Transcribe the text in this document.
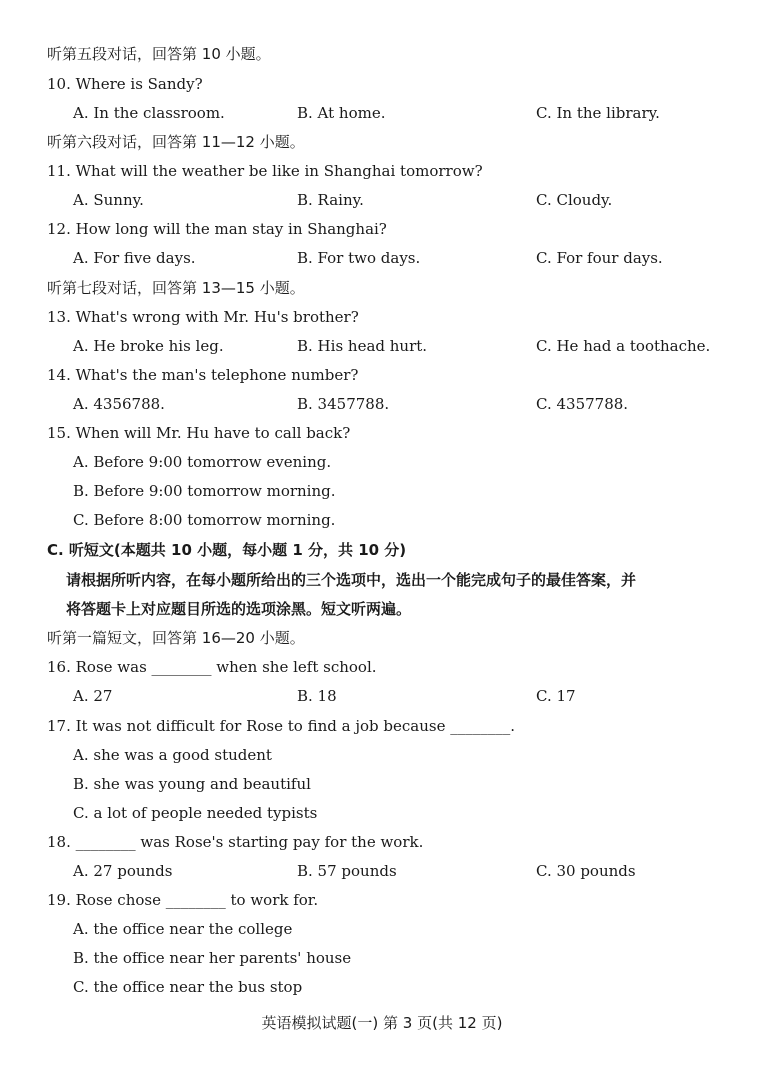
听第五段对话，回答第 10 小题。
10. Where is Sandy?
A. In the classroom.	B. At home.	C. In the library.
听第六段对话，回答第 11—12 小题。
11. What will the weather be like in Shanghai tomorrow?
A. Sunny.	B. Rainy.	C. Cloudy.
12. How long will the man stay in Shanghai?
A. For five days.	B. For two days.	C. For four days.
听第七段对话，回答第 13—15 小题。
13. What's wrong with Mr. Hu's brother?
A. He broke his leg.	B. His head hurt.	C. He had a toothache.
14. What's the man's telephone number?
A. 4356788.	B. 3457788.	C. 4357788.
15. When will Mr. Hu have to call back?
A. Before 9:00 tomorrow evening.
B. Before 9:00 tomorrow morning.
C. Before 8:00 tomorrow morning.
C. 听短文(本题共 10 小题，每小题 1 分，共 10 分)
请根据所听内容，在每小题所给出的三个选项中，选出一个能完成句子的最佳答案，并
将答题卡上对应题目所选的选项涂黑。短文听两遍。
听第一篇短文，回答第 16—20 小题。
16. Rose was ________ when she left school.
A. 27	B. 18	C. 17
17. It was not difficult for Rose to find a job because ________.
A. she was a good student
B. she was young and beautiful
C. a lot of people needed typists
18. ________ was Rose's starting pay for the work.
A. 27 pounds	B. 57 pounds	C. 30 pounds
19. Rose chose ________ to work for.
A. the office near the college
B. the office near her parents' house
C. the office near the bus stop
英语模拟试题(一) 第 3 页(共 12 页)
